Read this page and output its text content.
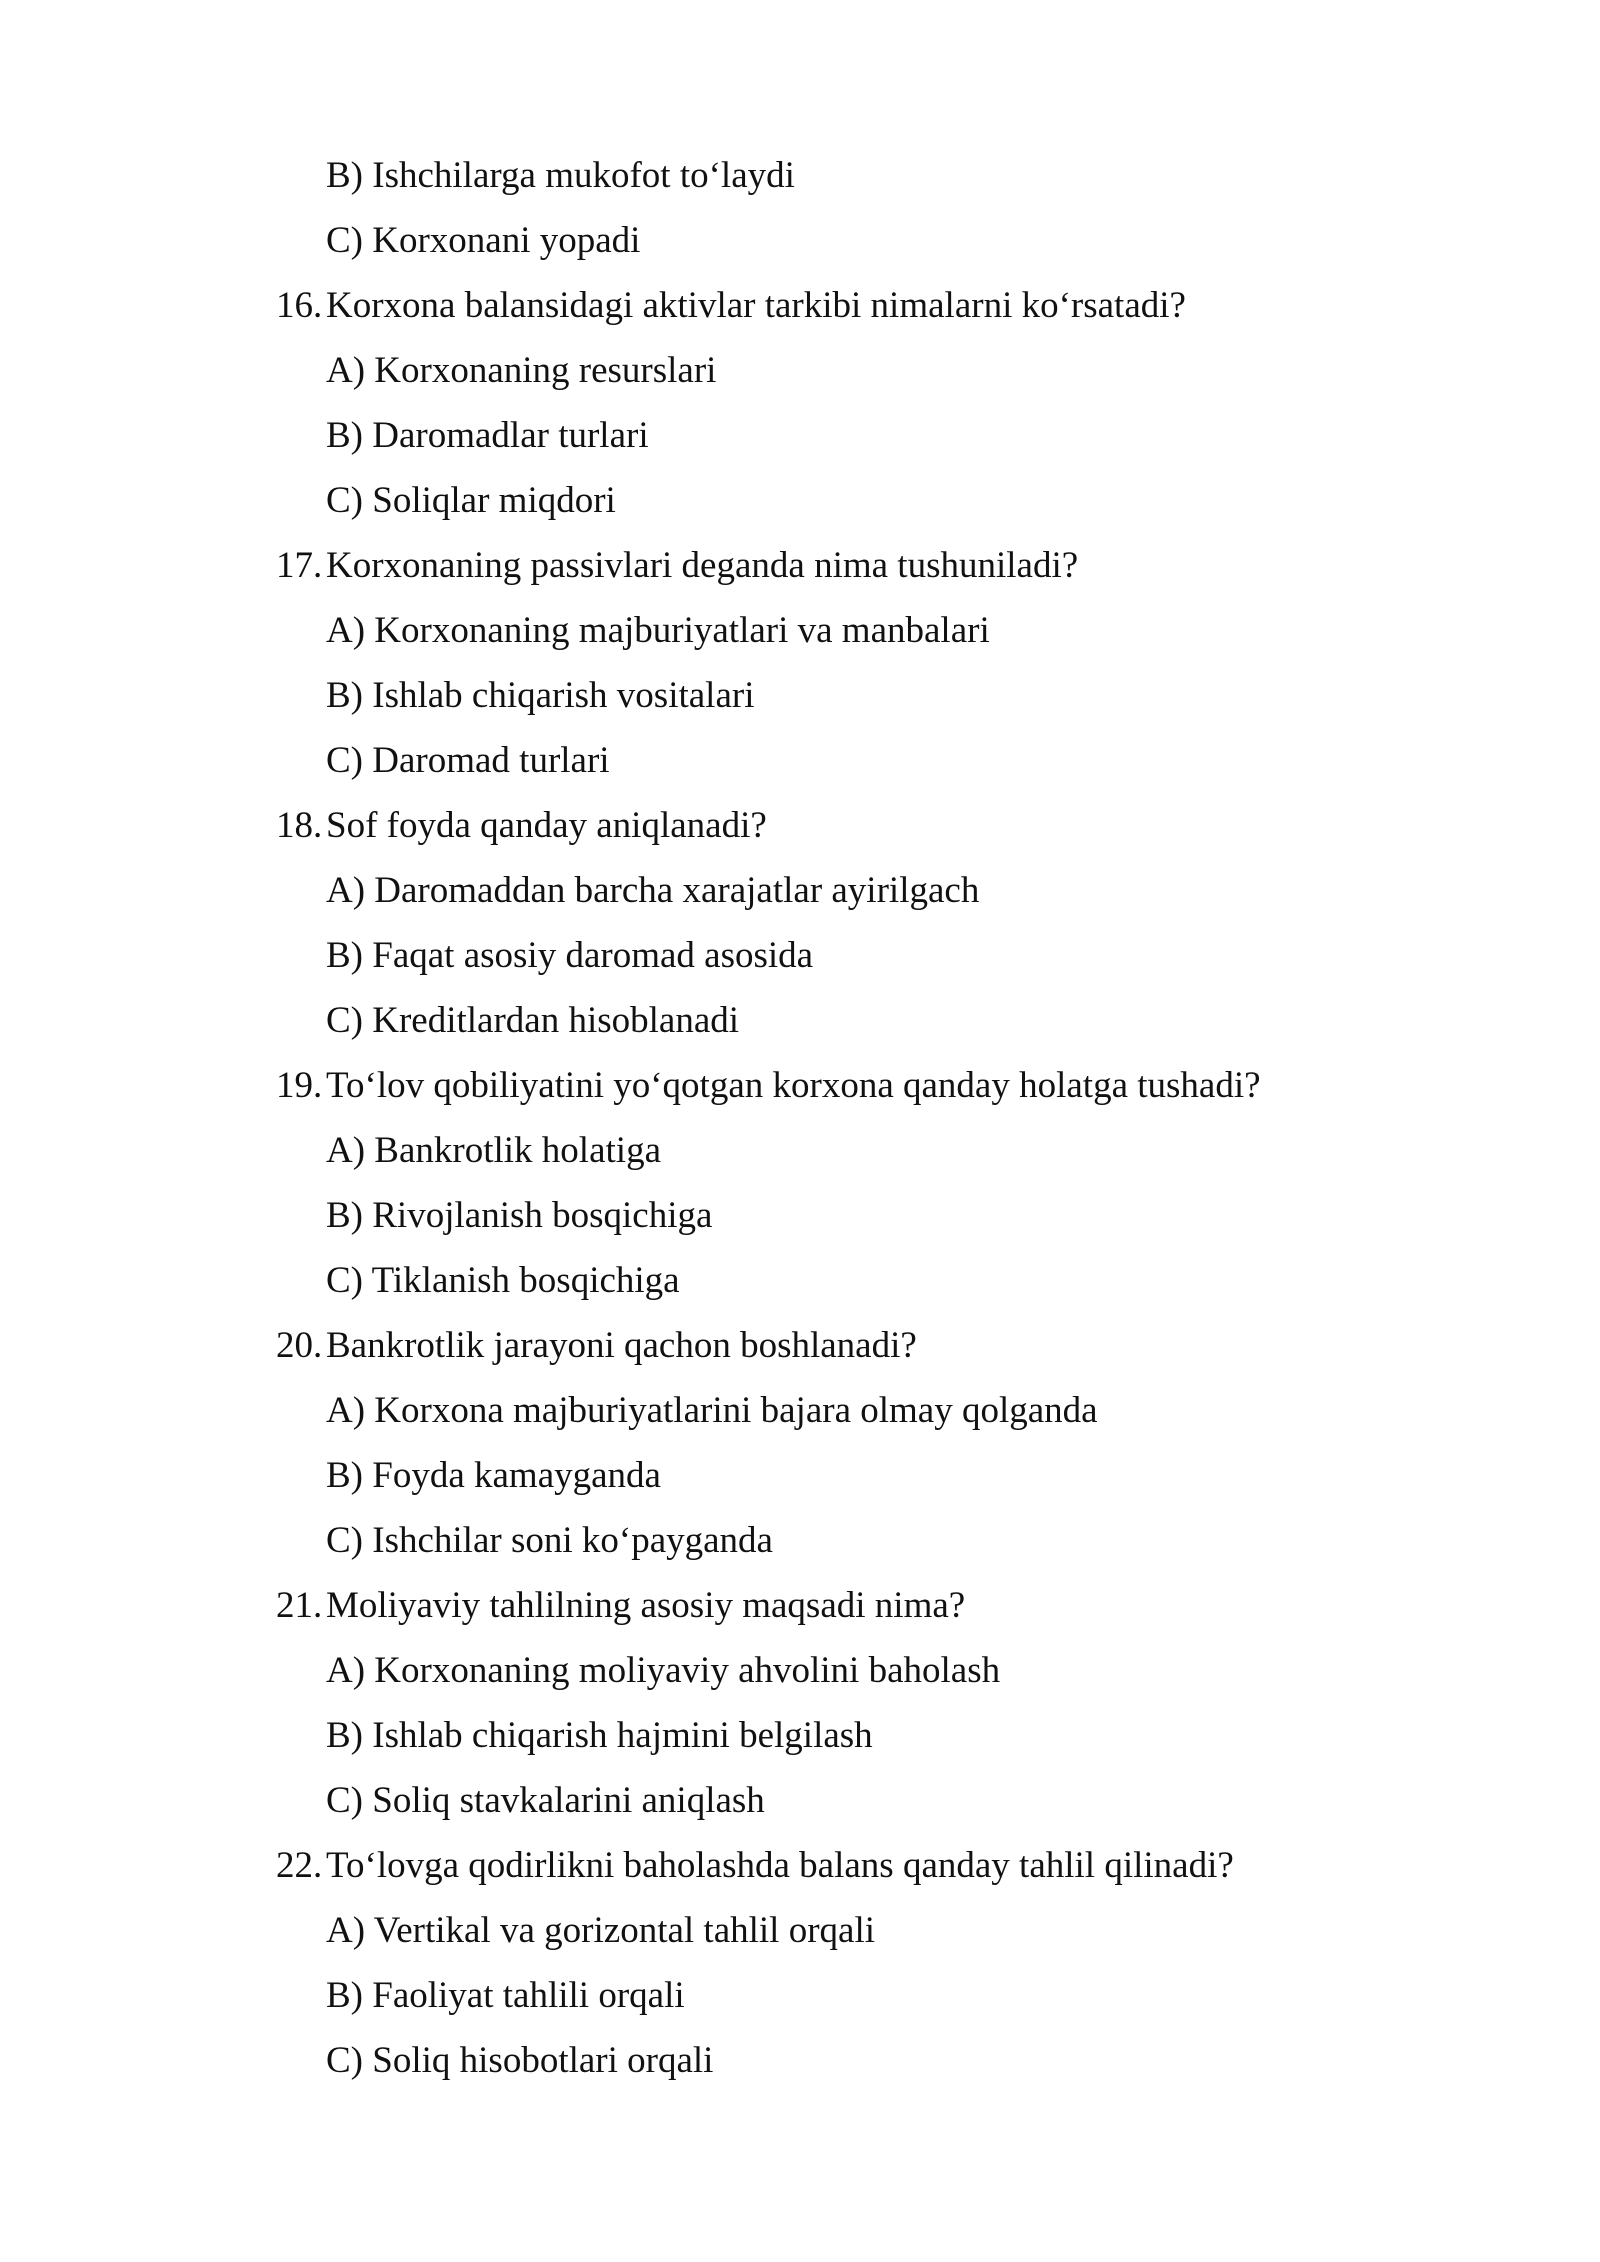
B) Ishchilarga mukofot to‘laydi
C) Korxonani yopadi
16. Korxona balansidagi aktivlar tarkibi nimalarni ko‘rsatadi?
A) Korxonaning resurslari
B) Daromadlar turlari
C) Soliqlar miqdori
17. Korxonaning passivlari deganda nima tushuniladi?
A) Korxonaning majburiyatlari va manbalari
B) Ishlab chiqarish vositalari
C) Daromad turlari
18. Sof foyda qanday aniqlanadi?
A) Daromaddan barcha xarajatlar ayirilgach
B) Faqat asosiy daromad asosida
C) Kreditlardan hisoblanadi
19. To‘lov qobiliyatini yo‘qotgan korxona qanday holatga tushadi?
A) Bankrotlik holatiga
B) Rivojlanish bosqichiga
C) Tiklanish bosqichiga
20. Bankrotlik jarayoni qachon boshlanadi?
A) Korxona majburiyatlarini bajara olmay qolganda
B) Foyda kamayganda
C) Ishchilar soni ko‘payganda
21. Moliyaviy tahlilning asosiy maqsadi nima?
A) Korxonaning moliyaviy ahvolini baholash
B) Ishlab chiqarish hajmini belgilash
C) Soliq stavkalarini aniqlash
22. To‘lovga qodirlikni baholashda balans qanday tahlil qilinadi?
A) Vertikal va gorizontal tahlil orqali
B) Faoliyat tahlili orqali
C) Soliq hisobotlari orqali
